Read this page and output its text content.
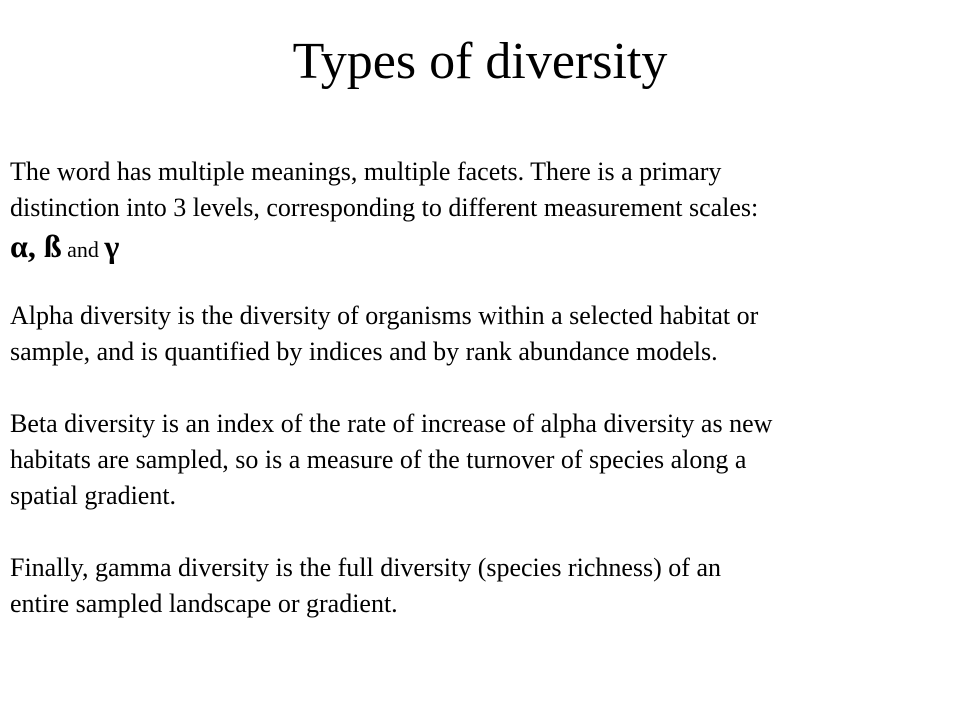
Types of diversity

The word has multiple meanings, multiple facets. There is a primary

distinction into 3 levels, corresponding to different measurement scales:

α, ß and γ

Alpha diversity is the diversity of organisms within a selected habitat or

sample, and is quantified by indices and by rank abundance models.

Beta diversity is an index of the rate of increase of alpha diversity as new

habitats are sampled, so is a measure of the turnover of species along a

spatial gradient.

Finally, gamma diversity is the full diversity (species richness) of an

entire sampled landscape or gradient.
